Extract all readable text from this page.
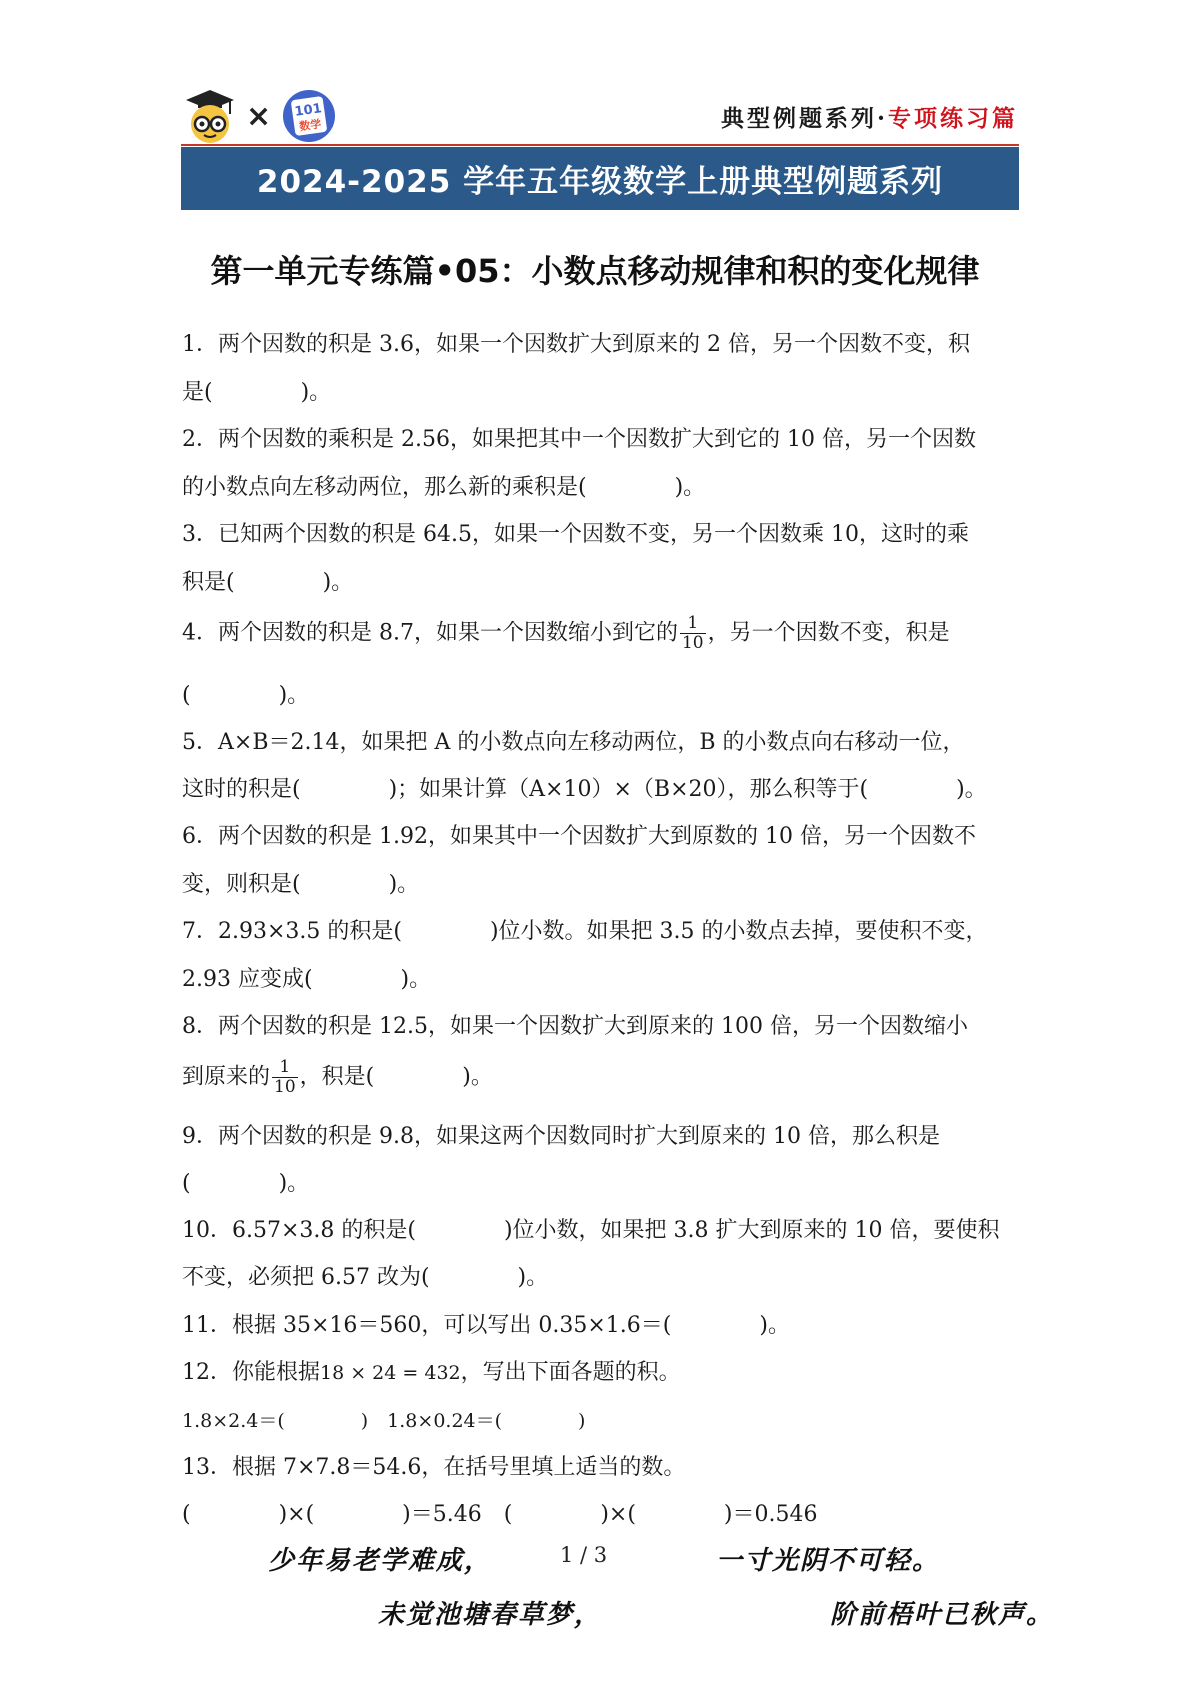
× 101
数学	典型例题系列·专项练习篇
2024-2025 学年五年级数学上册典型例题系列
第一单元专练篇•05：小数点移动规律和积的变化规律
1．两个因数的积是 3.6，如果一个因数扩大到原来的 2 倍，另一个因数不变，积
是(　　　　)。
2．两个因数的乘积是 2.56，如果把其中一个因数扩大到它的 10 倍，另一个因数
的小数点向左移动两位，那么新的乘积是(　　　　)。
3．已知两个因数的积是 64.5，如果一个因数不变，另一个因数乘 10，这时的乘
积是(　　　　)。
4．两个因数的积是 8.7，如果一个因数缩小到它的 $\frac{1}{10}$ ，另一个因数不变，积是
(　　　　)。
5．A×B＝2.14，如果把 A 的小数点向左移动两位，B 的小数点向右移动一位，
这时的积是(　　　　)；如果计算（A×10）×（B×20），那么积等于(　　　　)。
6．两个因数的积是 1.92，如果其中一个因数扩大到原数的 10 倍，另一个因数不
变，则积是(　　　　)。
7．2.93×3.5 的积是(　　　　)位小数。如果把 3.5 的小数点去掉，要使积不变，
2.93 应变成(　　　　)。
8．两个因数的积是 12.5，如果一个因数扩大到原来的 100 倍，另一个因数缩小
到原来的 $\frac{1}{10}$ ，积是(　　　　)。
9．两个因数的积是 9.8，如果这两个因数同时扩大到原来的 10 倍，那么积是
(　　　　)。
10．6.57×3.8 的积是(　　　　)位小数，如果把 3.8 扩大到原来的 10 倍，要使积
不变，必须把 6.57 改为(　　　　)。
11．根据 35×16＝560，可以写出 0.35×1.6＝(　　　　)。
12．你能根据18 × 24 = 432，写出下面各题的积。
1.8×2.4＝(　　　　)　1.8×0.24＝(　　　　)
13．根据 7×7.8＝54.6，在括号里填上适当的数。
(　　　　)×(　　　　)＝5.46　(　　　　)×(　　　　)＝0.546
少年易老学难成，	1 / 3	一寸光阴不可轻。
未觉池塘春草梦，	阶前梧叶已秋声。
